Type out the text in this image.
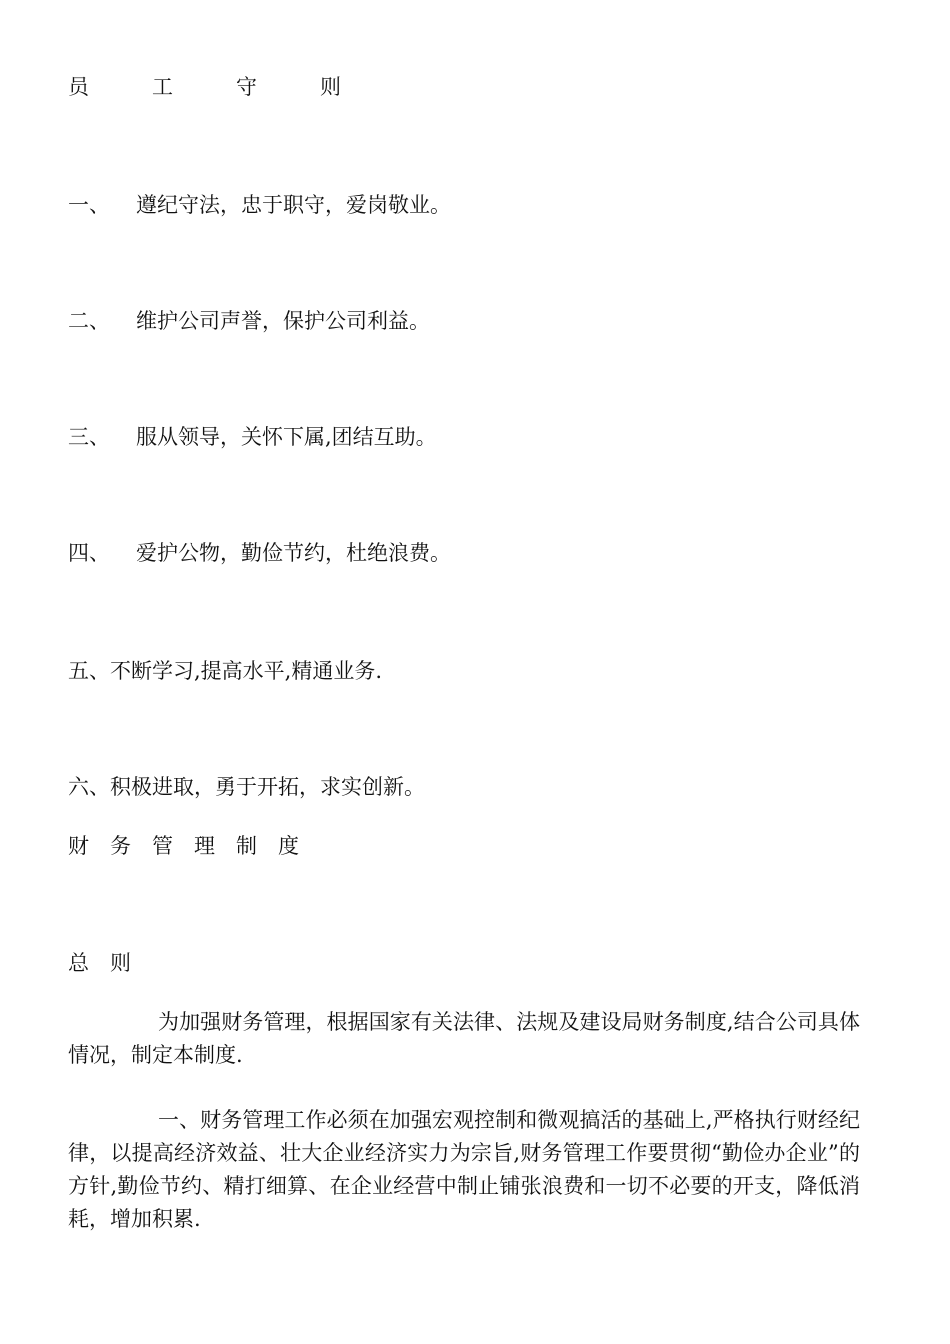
员　　　工　　　守　　　则
一、 遵纪守法，忠于职守，爱岗敬业。
二、 维护公司声誉，保护公司利益。
三、 服从领导，关怀下属,团结互助。
四、 爱护公物，勤俭节约，杜绝浪费。
五、不断学习,提高水平,精通业务.
六、积极进取，勇于开拓，求实创新。
财　务　管　理　制　度
总　则
为加强财务管理，根据国家有关法律、法规及建设局财务制度,结合公司具体情况，制定本制度.
一、财务管理工作必须在加强宏观控制和微观搞活的基础上,严格执行财经纪律，以提高经济效益、壮大企业经济实力为宗旨,财务管理工作要贯彻“勤俭办企业”的方针,勤俭节约、精打细算、在企业经营中制止铺张浪费和一切不必要的开支，降低消耗，增加积累.
